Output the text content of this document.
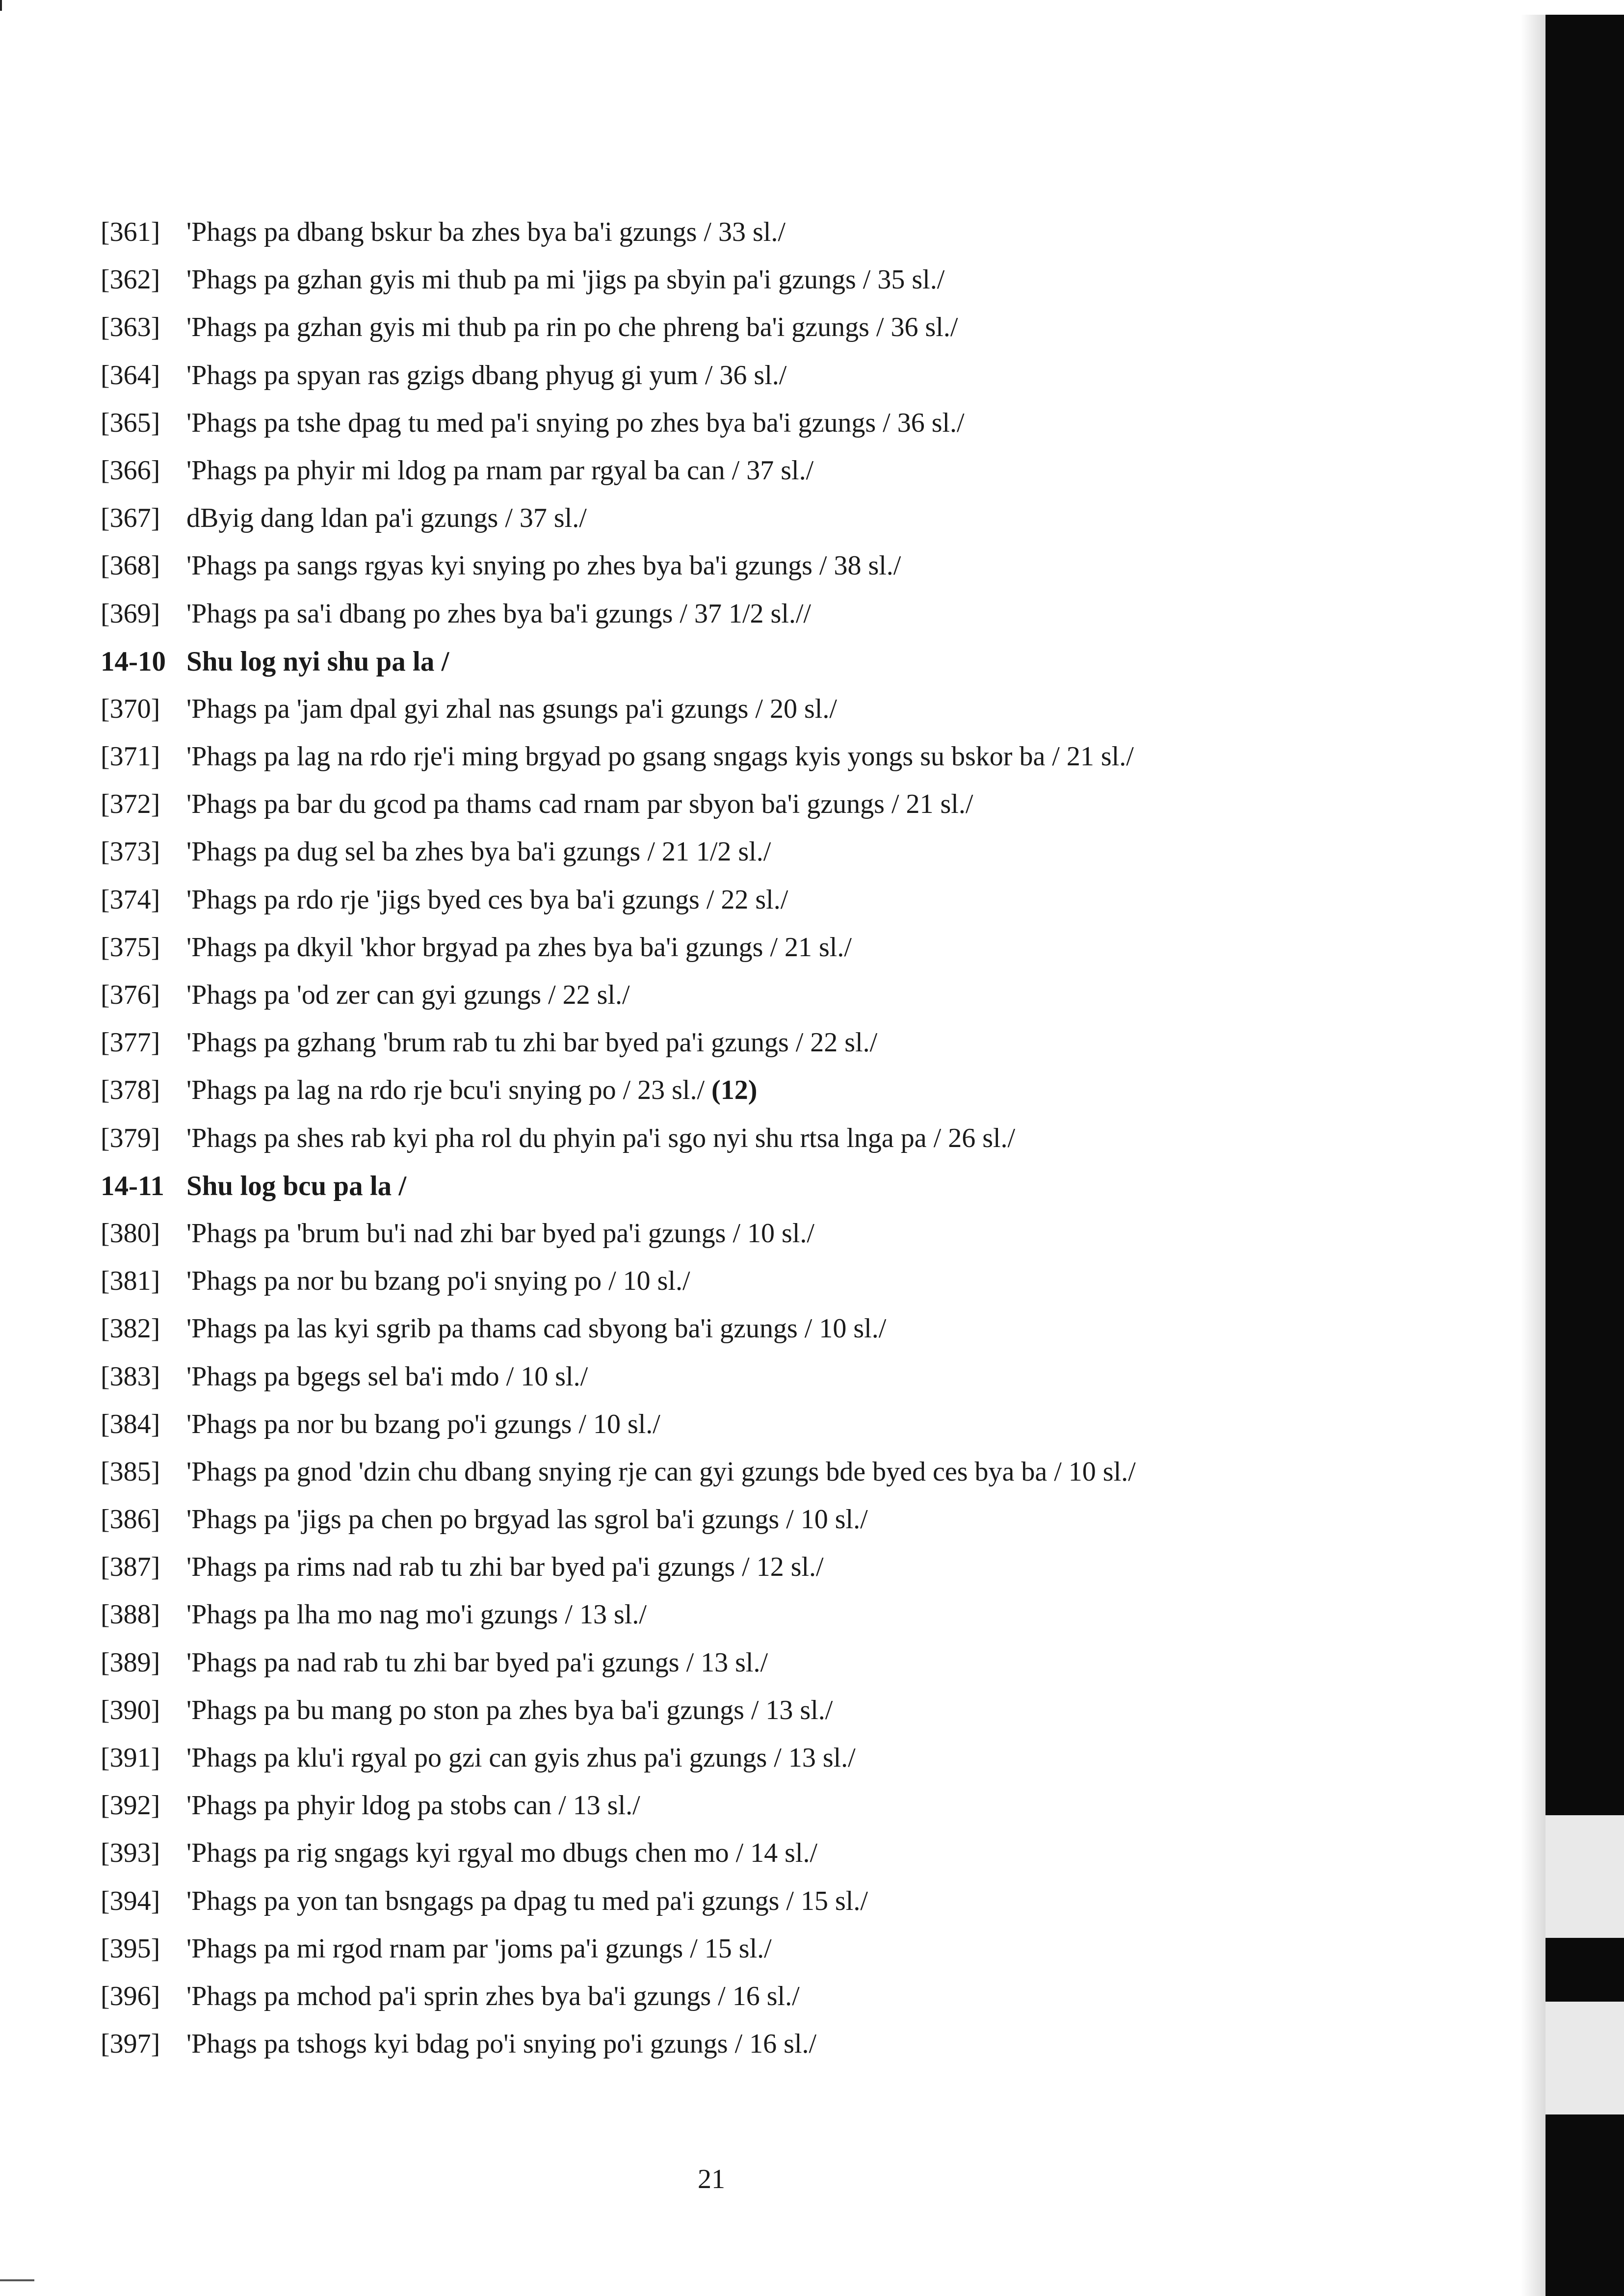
[361] 'Phags pa dbang bskur ba zhes bya ba'i gzungs / 33 sl./
[362] 'Phags pa gzhan gyis mi thub pa mi 'jigs pa sbyin pa'i gzungs / 35 sl./
[363] 'Phags pa gzhan gyis mi thub pa rin po che phreng ba'i gzungs / 36 sl./
[364] 'Phags pa spyan ras gzigs dbang phyug gi yum / 36 sl./
[365] 'Phags pa tshe dpag tu med pa'i snying po zhes bya ba'i gzungs / 36 sl./
[366] 'Phags pa phyir mi ldog pa rnam par rgyal ba can / 37 sl./
[367] dByig dang ldan pa'i gzungs / 37 sl./
[368] 'Phags pa sangs rgyas kyi snying po zhes bya ba'i gzungs / 38 sl./
[369] 'Phags pa sa'i dbang po zhes bya ba'i gzungs / 37 1/2 sl.//
14-10 Shu log nyi shu pa la /
[370] 'Phags pa 'jam dpal gyi zhal nas gsungs pa'i gzungs / 20 sl./
[371] 'Phags pa lag na rdo rje'i ming brgyad po gsang sngags kyis yongs su bskor ba / 21 sl./
[372] 'Phags pa bar du gcod pa thams cad rnam par sbyon ba'i gzungs / 21 sl./
[373] 'Phags pa dug sel ba zhes bya ba'i gzungs / 21 1/2 sl./
[374] 'Phags pa rdo rje 'jigs byed ces bya ba'i gzungs / 22 sl./
[375] 'Phags pa dkyil 'khor brgyad pa zhes bya ba'i gzungs / 21 sl./
[376] 'Phags pa 'od zer can gyi gzungs / 22 sl./
[377] 'Phags pa gzhang 'brum rab tu zhi bar byed pa'i gzungs / 22 sl./
[378] 'Phags pa lag na rdo rje bcu'i snying po / 23 sl./ (12)
[379] 'Phags pa shes rab kyi pha rol du phyin pa'i sgo nyi shu rtsa lnga pa / 26 sl./
14-11 Shu log bcu pa la /
[380] 'Phags pa 'brum bu'i nad zhi bar byed pa'i gzungs / 10 sl./
[381] 'Phags pa nor bu bzang po'i snying po / 10 sl./
[382] 'Phags pa las kyi sgrib pa thams cad sbyong ba'i gzungs / 10 sl./
[383] 'Phags pa bgegs sel ba'i mdo / 10 sl./
[384] 'Phags pa nor bu bzang po'i gzungs / 10 sl./
[385] 'Phags pa gnod 'dzin chu dbang snying rje can gyi gzungs bde byed ces bya ba / 10 sl./
[386] 'Phags pa 'jigs pa chen po brgyad las sgrol ba'i gzungs / 10 sl./
[387] 'Phags pa rims nad rab tu zhi bar byed pa'i gzungs / 12 sl./
[388] 'Phags pa lha mo nag mo'i gzungs / 13 sl./
[389] 'Phags pa nad rab tu zhi bar byed pa'i gzungs / 13 sl./
[390] 'Phags pa bu mang po ston pa zhes bya ba'i gzungs / 13 sl./
[391] 'Phags pa klu'i rgyal po gzi can gyis zhus pa'i gzungs / 13 sl./
[392] 'Phags pa phyir ldog pa stobs can / 13 sl./
[393] 'Phags pa rig sngags kyi rgyal mo dbugs chen mo / 14 sl./
[394] 'Phags pa yon tan bsngags pa dpag tu med pa'i gzungs / 15 sl./
[395] 'Phags pa mi rgod rnam par 'joms pa'i gzungs / 15 sl./
[396] 'Phags pa mchod pa'i sprin zhes bya ba'i gzungs / 16 sl./
[397] 'Phags pa tshogs kyi bdag po'i snying po'i gzungs / 16 sl./
21
